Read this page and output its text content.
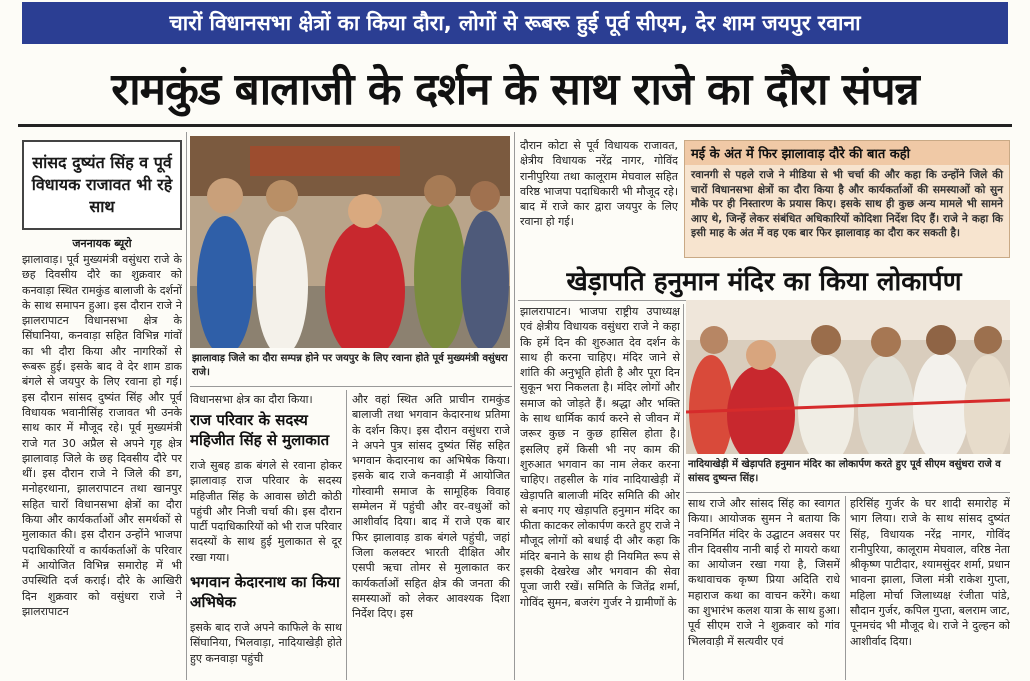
चारों विधानसभा क्षेत्रों का किया दौरा, लोगों से रूबरू हुई पूर्व सीएम, देर शाम जयपुर रवाना
रामकुंड बालाजी के दर्शन के साथ राजे का दौरा संपन्न
सांसद दुष्यंत सिंह व पूर्व विधायक राजावत भी रहे साथ
जननायक ब्यूरो
झालावाड़। पूर्व मुख्यमंत्री वसुंधरा राजे के छह दिवसीय दौरे का शुक्रवार को कनवाड़ा स्थित रामकुंड बालाजी के दर्शनों के साथ समापन हुआ। इस दौरान राजे ने झालरापाटन विधानसभा क्षेत्र के सिंघानिया, कनवाड़ा सहित विभिन्न गांवों का भी दौरा किया और नागरिकों से रूबरू हुई। इसके बाद वे देर शाम डाक बंगले से जयपुर के लिए रवाना हो गई। इस दौरान सांसद दुष्यंत सिंह और पूर्व विधायक भवानीसिंह राजावत भी उनके साथ कार में मौजूद रहे। पूर्व मुख्यमंत्री राजे गत 30 अप्रैल से अपने गृह क्षेत्र झालावाड़ जिले के छह दिवसीय दौरे पर थीं। इस दौरान राजे ने जिले की डग, मनोहरथाना, झालरापाटन तथा खानपुर सहित चारों विधानसभा क्षेत्रों का दौरा किया और कार्यकर्ताओं और समर्थकों से मुलाकात की। इस दौरान उन्होंने भाजपा पदाधिकारियों व कार्यकर्ताओं के परिवार में आयोजित विभिन्न समारोह में भी उपस्थिति दर्ज कराई। दौरे के आखिरी दिन शुक्रवार को वसुंधरा राजे ने झालरापाटन
झालावाड़ जिले का दौरा सम्पन्न होने पर जयपुर के लिए रवाना होते पूर्व मुख्यमंत्री वसुंधरा राजे।
विधानसभा क्षेत्र का दौरा किया।
राज परिवार के सदस्य महिजीत सिंह से मुलाकात
राजे सुबह डाक बंगले से रवाना होकर झालावाड़ राज परिवार के सदस्य महिजीत सिंह के आवास छोटी कोठी पहुंची और निजी चर्चा की। इस दौरान पार्टी पदाधिकारियों को भी राज परिवार सदस्यों के साथ हुई मुलाकात से दूर रखा गया।
भगवान केदारनाथ का किया अभिषेक
इसके बाद राजे अपने काफिले के साथ सिंघानिया, भिलवाड़ा, नादियाखेड़ी होते हुए कनवाड़ा पहुंची
और वहां स्थित अति प्राचीन रामकुंड बालाजी तथा भगवान केदारनाथ प्रतिमा के दर्शन किए। इस दौरान वसुंधरा राजे ने अपने पुत्र सांसद दुष्यंत सिंह सहित भगवान केदारनाथ का अभिषेक किया। इसके बाद राजे कनवाड़ी में आयोजित गोस्वामी समाज के सामूहिक विवाह सम्मेलन में पहुंची और वर-वधुओं को आशीर्वाद दिया। बाद में राजे एक बार फिर झालावाड़ डाक बंगले पहुंची, जहां जिला कलक्टर भारती दीक्षित और एसपी ऋचा तोमर से मुलाकात कर कार्यकर्ताओं सहित क्षेत्र की जनता की समस्याओं को लेकर आवश्यक दिशा निर्देश दिए। इस
दौरान कोटा से पूर्व विधायक राजावत, क्षेत्रीय विधायक नरेंद्र नागर, गोविंद रानीपुरिया तथा कालूराम मेघवाल सहित वरिष्ठ भाजपा पदाधिकारी भी मौजूद रहे। बाद में राजे कार द्वारा जयपुर के लिए रवाना हो गई।
मई के अंत में फिर झालावाड़ दौरे की बात कही
रवानगी से पहले राजे ने मीडिया से भी चर्चा की और कहा कि उन्होंने जिले की चारों विधानसभा क्षेत्रों का दौरा किया है और कार्यकर्ताओं की समस्याओं को सुन मौके पर ही निस्तारण के प्रयास किए। इसके साथ ही कुछ अन्य मामले भी सामने आए थे, जिन्हें लेकर संबंधित अधिकारियों कोदिशा निर्देश दिए हैं। राजे ने कहा कि इसी माह के अंत में वह एक बार फिर झालावाड़ का दौरा कर सकती है।
खेड़ापति हनुमान मंदिर का किया लोकार्पण
झालरापाटन। भाजपा राष्ट्रीय उपाध्यक्ष एवं क्षेत्रीय विधायक वसुंधरा राजे ने कहा कि हमें दिन की शुरुआत देव दर्शन के साथ ही करना चाहिए। मंदिर जाने से शांति की अनुभूति होती है और पूरा दिन सुकून भरा निकलता है। मंदिर लोगों और समाज को जोड़ते हैं। श्रद्धा और भक्ति के साथ धार्मिक कार्य करने से जीवन में जरूर कुछ न कुछ हासिल होता है। इसलिए हमें किसी भी नए काम की शुरुआत भगवान का नाम लेकर करना चाहिए। तहसील के गांव नादियाखेड़ी में खेड़ापति बालाजी मंदिर समिति की ओर से बनाए गए खेड़ापति हनुमान मंदिर का फीता काटकर लोकार्पण करते हुए राजे ने मौजूद लोगों को बधाई दी और कहा कि मंदिर बनाने के साथ ही नियमित रूप से इसकी देखरेख और भगवान की सेवा पूजा जारी रखें। समिति के जितेंद्र शर्मा, गोविंद सुमन, बजरंग गुर्जर ने ग्रामीणों के
नादियाखेड़ी में खेड़ापति हनुमान मंदिर का लोकार्पण करते हुए पूर्व सीएम वसुंधरा राजे व सांसद दुष्यन्त सिंह।
साथ राजे और सांसद सिंह का स्वागत किया। आयोजक सुमन ने बताया कि नवनिर्मित मंदिर के उद्घाटन अवसर पर तीन दिवसीय नानी बाई रो मायरो कथा का आयोजन रखा गया है, जिसमें कथावाचक कृष्ण प्रिया अदिति राधे महाराज कथा का वाचन करेंगे। कथा का शुभारंभ कलश यात्रा के साथ हुआ। पूर्व सीएम राजे ने शुक्रवार को गांव भिलवाड़ी में सत्यवीर एवं
हरिसिंह गुर्जर के घर शादी समारोह में भाग लिया। राजे के साथ सांसद दुष्यंत सिंह, विधायक नरेंद्र नागर, गोविंद रानीपुरिया, कालूराम मेघवाल, वरिष्ठ नेता श्रीकृष्ण पाटीदार, श्यामसुंदर शर्मा, प्रधान भावना झाला, जिला मंत्री राकेश गुप्ता, महिला मोर्चा जिलाध्यक्ष रंजीता पांडे, सौदान गुर्जर, कपिल गुप्ता, बलराम जाट, पूनमचंद भी मौजूद थे। राजे ने दुल्हन को आशीर्वाद दिया।
